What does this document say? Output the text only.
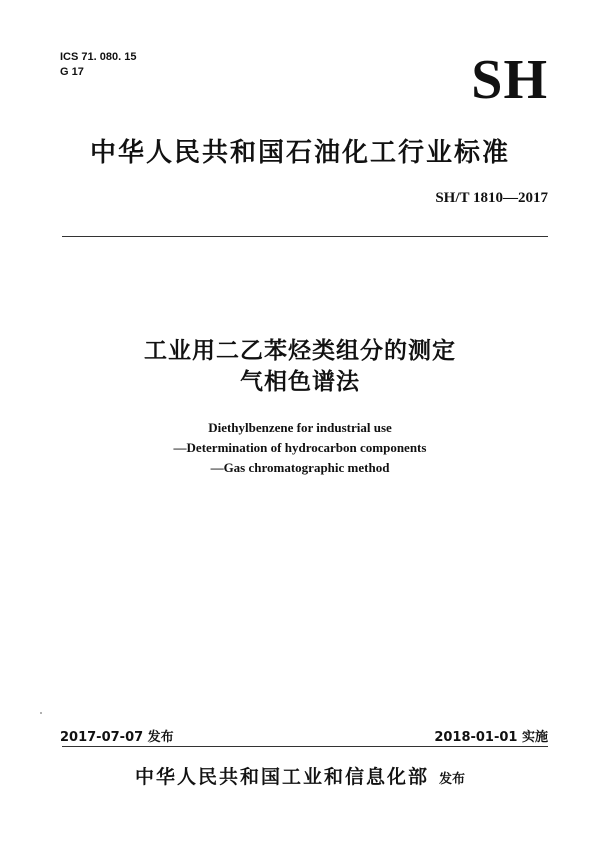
ICS 71. 080. 15
G 17	SH
中华人民共和国石油化工行业标准
SH/T 1810—2017
工业用二乙苯烃类组分的测定
气相色谱法
Diethylbenzene for industrial use
—Determination of hydrocarbon components
—Gas chromatographic method
2017-07-07 发布	2018-01-01 实施
中华人民共和国工业和信息化部 发布
